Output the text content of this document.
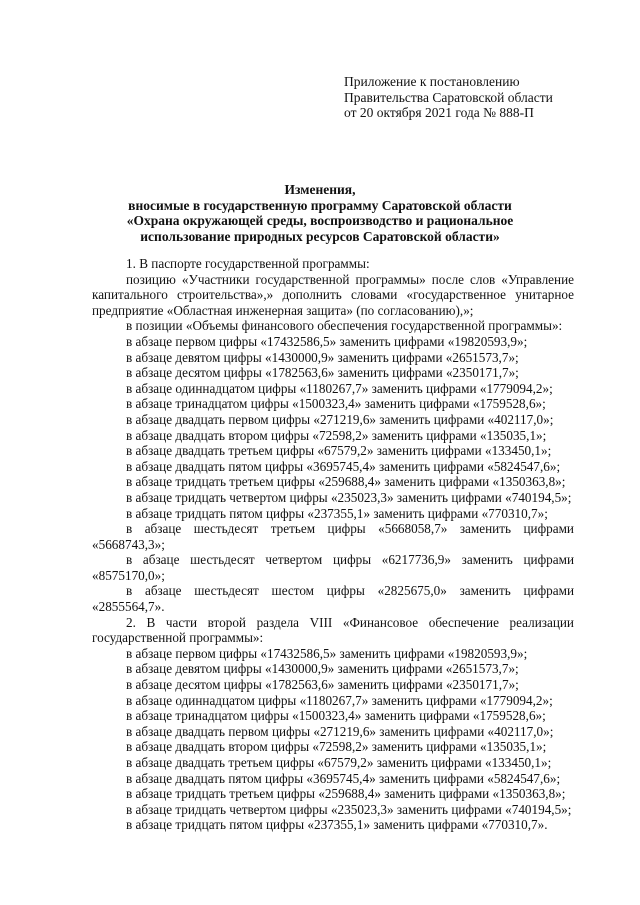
Приложение к постановлению
Правительства Саратовской области
от 20 октября 2021 года № 888-П
Изменения,
вносимые в государственную программу Саратовской области
«Охрана окружающей среды, воспроизводство и рациональное
использование природных ресурсов Саратовской области»
1. В паспорте государственной программы:
позицию «Участники государственной программы» после слов «Управление капитального строительства»,» дополнить словами «государственное унитарное предприятие «Областная инженерная защита» (по согласованию),»;
в позиции «Объемы финансового обеспечения государственной программы»:
в абзаце первом цифры «17432586,5» заменить цифрами «19820593,9»;
в абзаце девятом цифры «1430000,9» заменить цифрами «2651573,7»;
в абзаце десятом цифры «1782563,6» заменить цифрами «2350171,7»;
в абзаце одиннадцатом цифры «1180267,7» заменить цифрами «1779094,2»;
в абзаце тринадцатом цифры «1500323,4» заменить цифрами «1759528,6»;
в абзаце двадцать первом цифры «271219,6» заменить цифрами «402117,0»;
в абзаце двадцать втором цифры «72598,2» заменить цифрами «135035,1»;
в абзаце двадцать третьем цифры «67579,2» заменить цифрами «133450,1»;
в абзаце двадцать пятом цифры «3695745,4» заменить цифрами «5824547,6»;
в абзаце тридцать третьем цифры «259688,4» заменить цифрами «1350363,8»;
в абзаце тридцать четвертом цифры «235023,3» заменить цифрами «740194,5»;
в абзаце тридцать пятом цифры «237355,1» заменить цифрами «770310,7»;
в абзаце шестьдесят третьем цифры «5668058,7» заменить цифрами «5668743,3»;
в абзаце шестьдесят четвертом цифры «6217736,9» заменить цифрами «8575170,0»;
в абзаце шестьдесят шестом цифры «2825675,0» заменить цифрами «2855564,7».
2. В части второй раздела VIII «Финансовое обеспечение реализации государственной программы»:
в абзаце первом цифры «17432586,5» заменить цифрами «19820593,9»;
в абзаце девятом цифры «1430000,9» заменить цифрами «2651573,7»;
в абзаце десятом цифры «1782563,6» заменить цифрами «2350171,7»;
в абзаце одиннадцатом цифры «1180267,7» заменить цифрами «1779094,2»;
в абзаце тринадцатом цифры «1500323,4» заменить цифрами «1759528,6»;
в абзаце двадцать первом цифры «271219,6» заменить цифрами «402117,0»;
в абзаце двадцать втором цифры «72598,2» заменить цифрами «135035,1»;
в абзаце двадцать третьем цифры «67579,2» заменить цифрами «133450,1»;
в абзаце двадцать пятом цифры «3695745,4» заменить цифрами «5824547,6»;
в абзаце тридцать третьем цифры «259688,4» заменить цифрами «1350363,8»;
в абзаце тридцать четвертом цифры «235023,3» заменить цифрами «740194,5»;
в абзаце тридцать пятом цифры «237355,1» заменить цифрами «770310,7».
